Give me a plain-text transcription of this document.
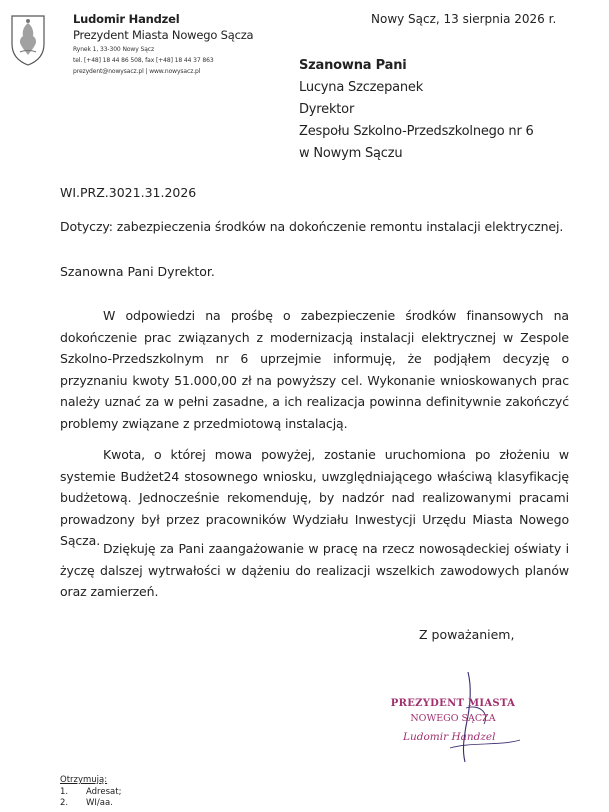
Ludomir Handzel
Prezydent Miasta Nowego Sącza
Rynek 1, 33-300 Nowy Sącz
tel. [+48] 18 44 86 508, fax [+48] 18 44 37 863
prezydent@nowysacz.pl | www.nowysacz.pl
Nowy Sącz, 13 sierpnia 2026 r.
Szanowna Pani
Lucyna Szczepanek
Dyrektor
Zespołu Szkolno-Przedszkolnego nr 6
w Nowym Sączu
WI.PRZ.3021.31.2026
Dotyczy: zabezpieczenia środków na dokończenie remontu instalacji elektrycznej.
Szanowna Pani Dyrektor.
W odpowiedzi na prośbę o zabezpieczenie środków finansowych na dokończenie prac związanych z modernizacją instalacji elektrycznej w Zespole Szkolno-Przedszkolnym nr 6 uprzejmie informuję, że podjąłem decyzję o przyznaniu kwoty 51.000,00 zł na powyższy cel. Wykonanie wnioskowanych prac należy uznać za w pełni zasadne, a ich realizacja powinna definitywnie zakończyć problemy związane z przedmiotową instalacją.
Kwota, o której mowa powyżej, zostanie uruchomiona po złożeniu w systemie Budżet24 stosownego wniosku, uwzględniającego właściwą klasyfikację budżetową. Jednocześnie rekomenduję, by nadzór nad realizowanymi pracami prowadzony był przez pracowników Wydziału Inwestycji Urzędu Miasta Nowego Sącza.
Dziękuję za Pani zaangażowanie w pracę na rzecz nowosądeckiej oświaty i życzę dalszej wytrwałości w dążeniu do realizacji wszelkich zawodowych planów oraz zamierzeń.
Z poważaniem,
PREZYDENT MIASTA
NOWEGO SĄCZA
Ludomir Handzel
Otrzymują:
1. Adresat;
2. WI/aa.
